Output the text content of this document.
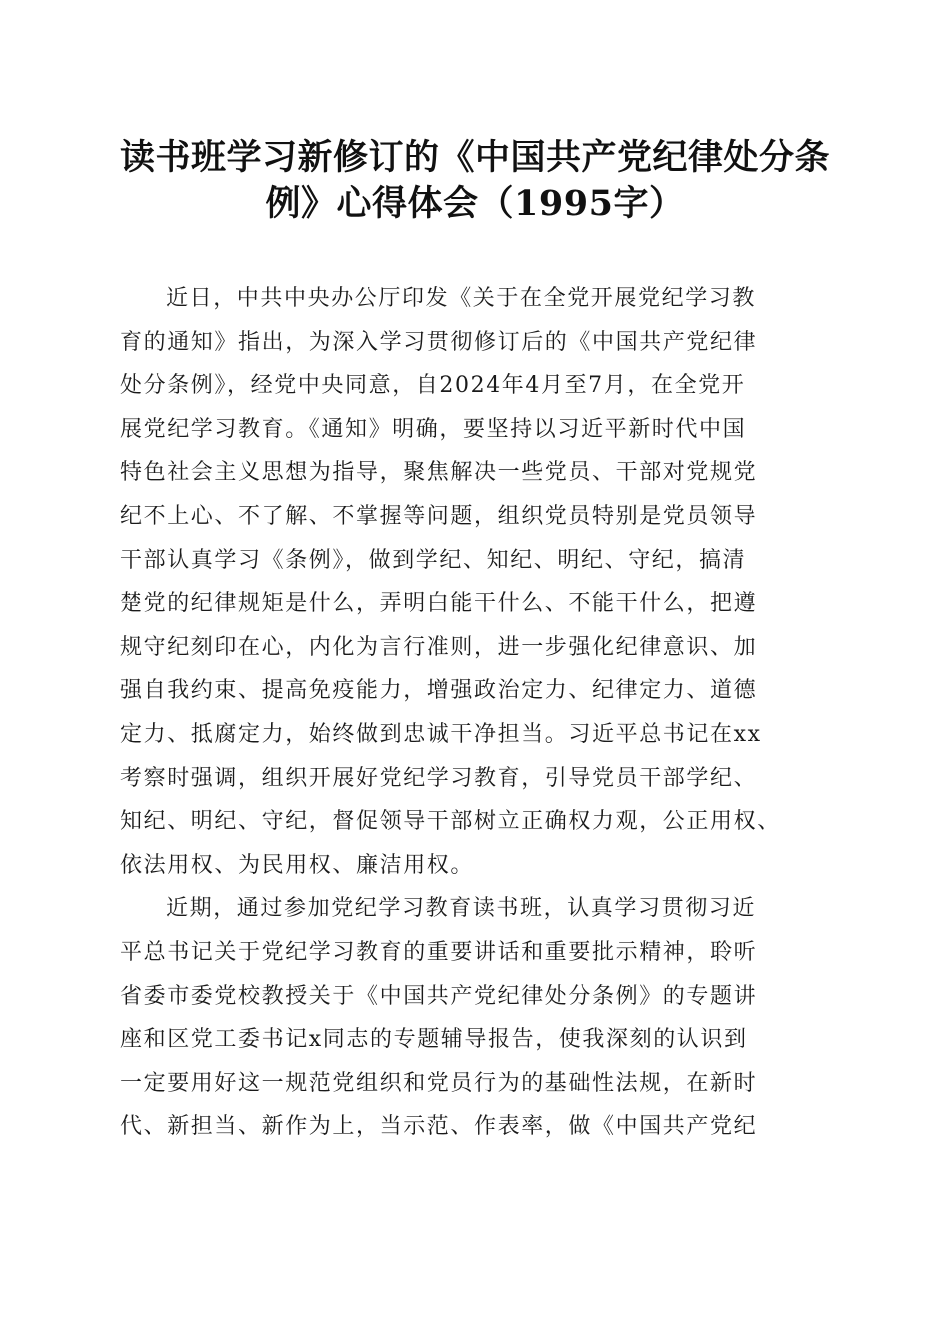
读书班学习新修订的《中国共产党纪律处分条
例》心得体会（1995字）

近日，中共中央办公厅印发《关于在全党开展党纪学习教
育的通知》指出，为深入学习贯彻修订后的《中国共产党纪律
处分条例》，经党中央同意，自2024年4月至7月，在全党开
展党纪学习教育。《通知》明确，要坚持以习近平新时代中国
特色社会主义思想为指导，聚焦解决一些党员、干部对党规党
纪不上心、不了解、不掌握等问题，组织党员特别是党员领导
干部认真学习《条例》，做到学纪、知纪、明纪、守纪，搞清
楚党的纪律规矩是什么，弄明白能干什么、不能干什么，把遵
规守纪刻印在心，内化为言行准则，进一步强化纪律意识、加
强自我约束、提高免疫能力，增强政治定力、纪律定力、道德
定力、抵腐定力，始终做到忠诚干净担当。习近平总书记在xx
考察时强调，组织开展好党纪学习教育，引导党员干部学纪、
知纪、明纪、守纪，督促领导干部树立正确权力观，公正用权、
依法用权、为民用权、廉洁用权。

近期，通过参加党纪学习教育读书班，认真学习贯彻习近
平总书记关于党纪学习教育的重要讲话和重要批示精神，聆听
省委市委党校教授关于《中国共产党纪律处分条例》的专题讲
座和区党工委书记x同志的专题辅导报告，使我深刻的认识到
一定要用好这一规范党组织和党员行为的基础性法规，在新时
代、新担当、新作为上，当示范、作表率，做《中国共产党纪
